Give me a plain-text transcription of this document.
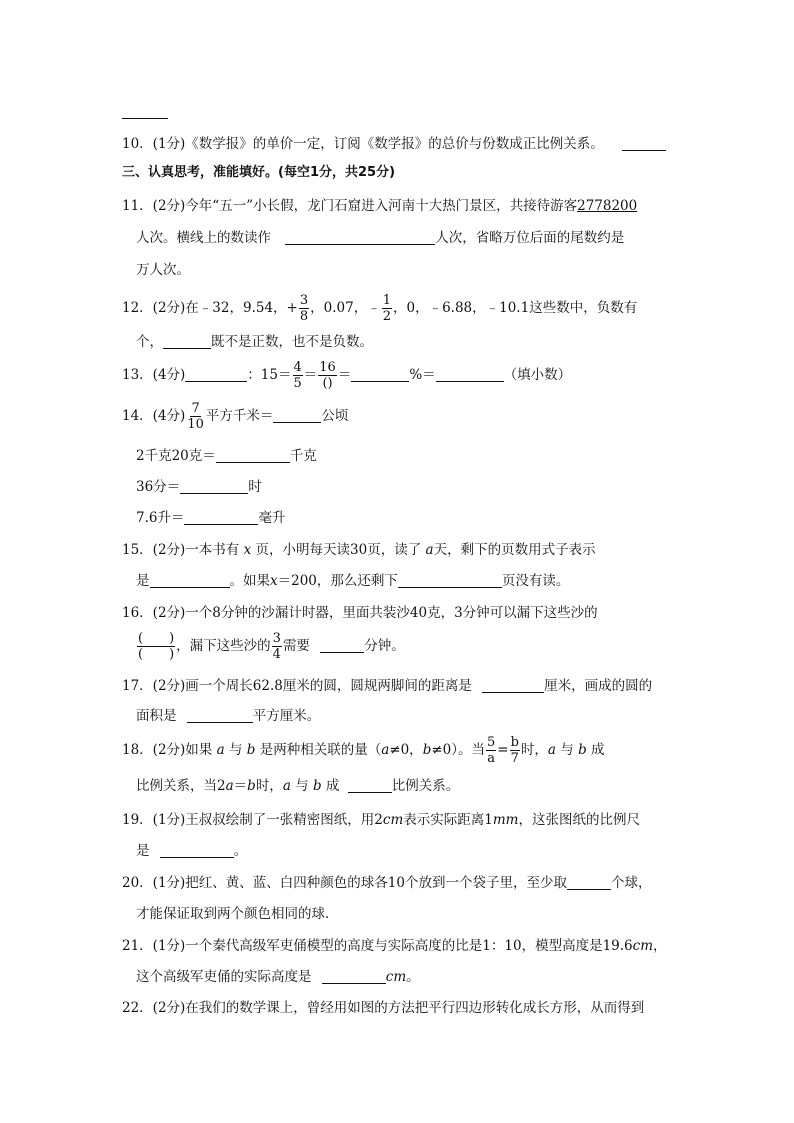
10．(1分)《数学报》的单价一定，订阅《数学报》的总价与份数成正比例关系。
三、认真思考，准能填好。(每空1分，共25分)
11．(2分)今年“五一”小长假，龙门石窟进入河南十大热门景区，共接待游客2778200
人次。横线上的数读作	人次，省略万位后面的尾数约是
万人次。
12．(2分)在﹣32，9.54，+ $\frac{3}{8}$ ，0.07，﹣ $\frac{1}{2}$ ，0，﹣6.88，﹣10.1这些数中，负数有
个，	既不是正数，也不是负数。
13．(4分)	：$15= \frac{4}{5} = \frac{16}{()}$ ＝	%＝	（填小数）
14．(4分) $\frac{7}{10}$ 平方千米＝	公顷
2千克20克＝	千克
36分＝	时
7.6升＝	毫升
15．(2分)一本书有 x 页，小明每天读30页，读了 a天，剩下的页数用式子表示
是	。如果x＝200，那么还剩下	页没有读。
16．(2分)一个8分钟的沙漏计时器，里面共装沙40克，3分钟可以漏下这些沙的
$\frac{( )}{( )}$ ，漏下这些沙的 $\frac{3}{4}$ 需要	分钟。
17．(2分)画一个周长62.8厘米的圆，圆规两脚间的距离是	厘米，画成的圆的
面积是	平方厘米。
18．(2分)如果 a 与 b 是两种相关联的量（a≠0，b≠0）。当 $\frac{5}{a} = \frac{b}{7}$ 时，a 与 b 成
比例关系，当2a＝b时，a 与 b 成	比例关系。
19．(1分)王叔叔绘制了一张精密图纸，用2cm表示实际距离1mm，这张图纸的比例尺
是	。
20．(1分)把红、黄、蓝、白四种颜色的球各10个放到一个袋子里，至少取	个球，
才能保证取到两个颜色相同的球．
21．(1分)一个秦代高级军吏俑模型的高度与实际高度的比是1：10，模型高度是19.6cm，
这个高级军吏俑的实际高度是	cm。
22．(2分)在我们的数学课上，曾经用如图的方法把平行四边形转化成长方形，从而得到
